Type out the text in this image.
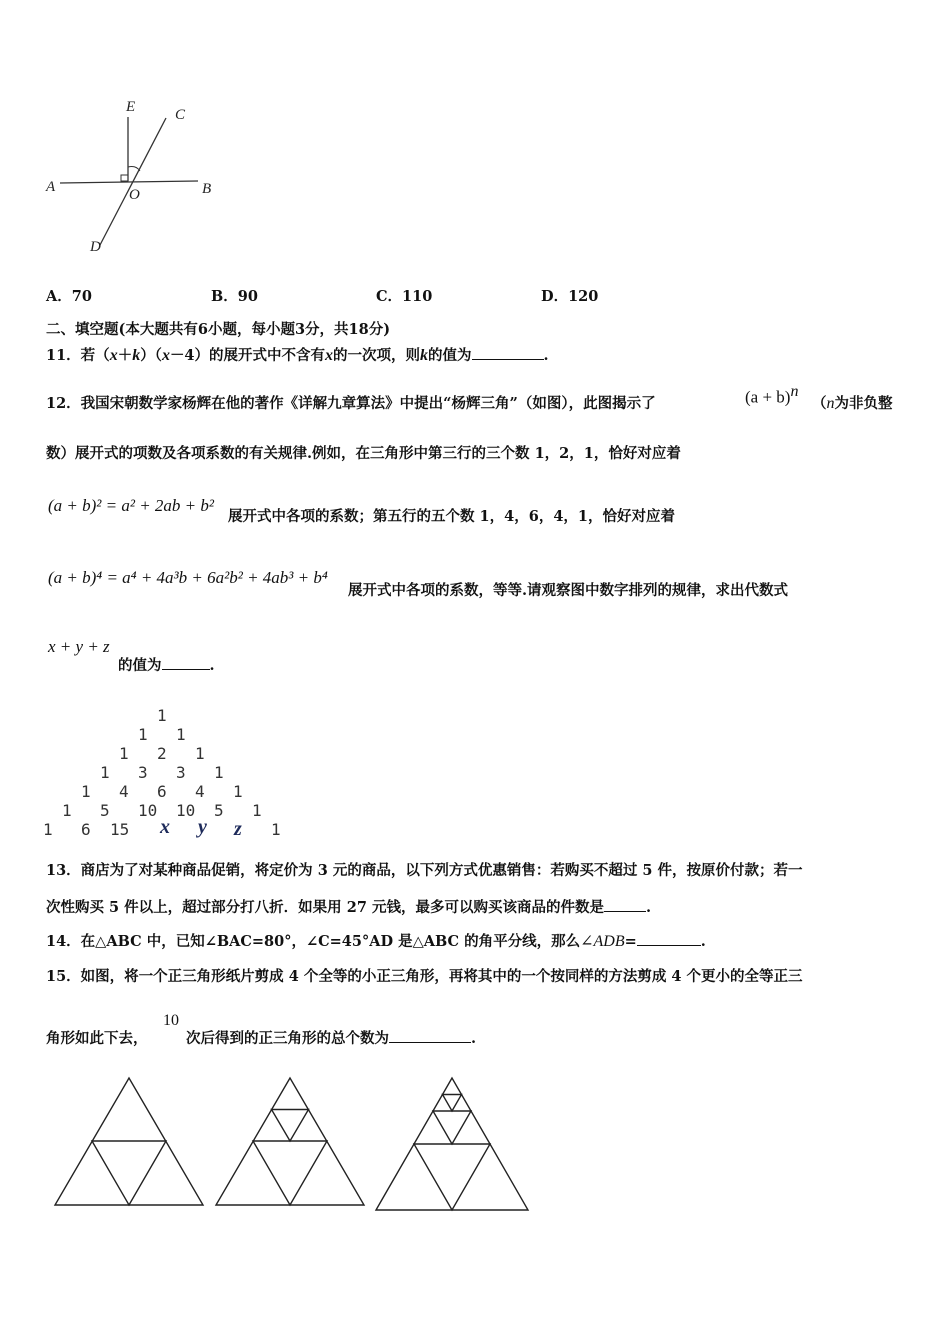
E	C
A	O	B
D
A．70	B．90	C．110	D．120
二、填空题(本大题共有6小题，每小题3分，共18分)
11．若（x＋k）（x－4）的展开式中不含有x的一次项，则k的值为	.
12．我国宋朝数学家杨辉在他的著作《详解九章算法》中提出“杨辉三角”（如图），此图揭示了	$(a + b)^n$
（n为非负整
数）展开式的项数及各项系数的有关规律.例如，在三角形中第三行的三个数 1，2，1，恰好对应着
(a + b)² = a² + 2ab + b²
展开式中各项的系数；第五行的五个数 1，4，6，4，1，恰好对应着
(a + b)⁴ = a⁴ + 4a³b + 6a²b² + 4ab³ + b⁴
展开式中各项的系数，等等.请观察图中数字排列的规律，求出代数式
x + y + z
的值为	.
1
1 1
1 2 1
1 3 3 1
1 4 6 4 1
1 5 10 10 5 1
1 6 15 x y z 1
13．商店为了对某种商品促销，将定价为 3 元的商品，以下列方式优惠销售：若购买不超过 5 件，按原价付款；若一
次性购买 5 件以上，超过部分打八折．如果用 27 元钱，最多可以购买该商品的件数是	.
14．在△ABC 中，已知∠BAC=80°，∠C=45°AD 是△ABC 的角平分线，那么∠ADB=	.
15．如图，将一个正三角形纸片剪成 4 个全等的小正三角形，再将其中的一个按同样的方法剪成 4 个更小的全等正三
角形如此下去，
10
次后得到的正三角形的总个数为	.
